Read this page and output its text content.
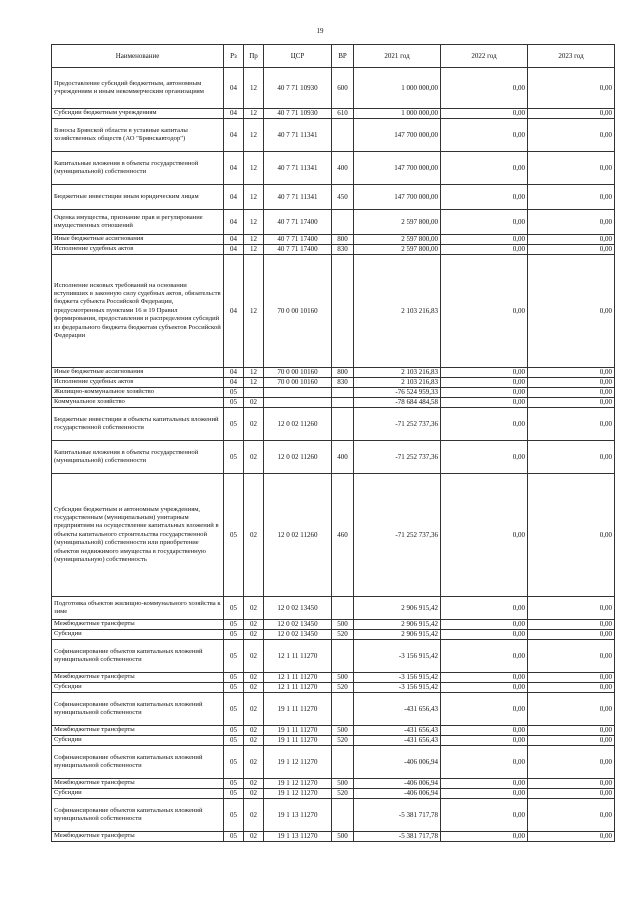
19
Наименование	Рз	Пр	ЦСР	ВР	2021 год	2022 год	2023 год
Предоставление субсидий бюджетным, автономным учреждениям и иным некоммерческим организациям	04	12	40 7 71 10930	600	1 000 000,00	0,00	0,00
Субсидии бюджетным учреждениям	04	12	40 7 71 10930	610	1 000 000,00	0,00	0,00
Взносы Брянской области в уставные капиталы хозяйственных обществ (АО "Брянскавтодор")	04	12	40 7 71 11341		147 700 000,00	0,00	0,00
Капитальные вложения в объекты государственной (муниципальной) собственности	04	12	40 7 71 11341	400	147 700 000,00	0,00	0,00
Бюджетные инвестиции иным юридическим лицам	04	12	40 7 71 11341	450	147 700 000,00	0,00	0,00
Оценка имущества, признание прав и регулирование имущественных отношений	04	12	40 7 71 17400		2 597 800,00	0,00	0,00
Иные бюджетные ассигнования	04	12	40 7 71 17400	800	2 597 800,00	0,00	0,00
Исполнение судебных актов	04	12	40 7 71 17400	830	2 597 800,00	0,00	0,00
Исполнение исковых требований на основании вступивших в законную силу судебных актов, обязательств бюджета субъекта Российской Федерации, предусмотренных пунктами 16 и 19 Правил формирования, предоставления и распределения субсидий из федерального бюджета бюджетам субъектов Российской Федерации	04	12	70 0 00 10160		2 103 216,83	0,00	0,00
Иные бюджетные ассигнования	04	12	70 0 00 10160	800	2 103 216,83	0,00	0,00
Исполнение судебных актов	04	12	70 0 00 10160	830	2 103 216,83	0,00	0,00
Жилищно-коммунальное хозяйство	05				-76 524 959,33	0,00	0,00
Коммунальное хозяйство	05	02			-78 684 484,58	0,00	0,00
Бюджетные инвестиции в объекты капитальных вложений государственной собственности	05	02	12 0 02 11260		-71 252 737,36	0,00	0,00
Капитальные вложения в объекты государственной (муниципальной) собственности	05	02	12 0 02 11260	400	-71 252 737,36	0,00	0,00
Субсидии бюджетным и автономным учреждениям, государственным (муниципальным) унитарным предприятиям на осуществление капитальных вложений в объекты капитального строительства государственной (муниципальной) собственности или приобретение объектов недвижимого имущества в государственную (муниципальную) собственность	05	02	12 0 02 11260	460	-71 252 737,36	0,00	0,00
Подготовка объектов жилищно-коммунального хозяйства к зиме	05	02	12 0 02 13450		2 906 915,42	0,00	0,00
Межбюджетные трансферты	05	02	12 0 02 13450	500	2 906 915,42	0,00	0,00
Субсидии	05	02	12 0 02 13450	520	2 906 915,42	0,00	0,00
Софинансирование объектов капитальных вложений муниципальной собственности	05	02	12 1 11 11270		-3 156 915,42	0,00	0,00
Межбюджетные трансферты	05	02	12 1 11 11270	500	-3 156 915,42	0,00	0,00
Субсидии	05	02	12 1 11 11270	520	-3 156 915,42	0,00	0,00
Софинансирование объектов капитальных вложений муниципальной собственности	05	02	19 1 11 11270		-431 656,43	0,00	0,00
Межбюджетные трансферты	05	02	19 1 11 11270	500	-431 656,43	0,00	0,00
Субсидии	05	02	19 1 11 11270	520	-431 656,43	0,00	0,00
Софинансирование объектов капитальных вложений муниципальной собственности	05	02	19 1 12 11270		-406 006,94	0,00	0,00
Межбюджетные трансферты	05	02	19 1 12 11270	500	-406 006,94	0,00	0,00
Субсидии	05	02	19 1 12 11270	520	-406 006,94	0,00	0,00
Софинансирование объектов капитальных вложений муниципальной собственности	05	02	19 1 13 11270		-5 381 717,78	0,00	0,00
Межбюджетные трансферты	05	02	19 1 13 11270	500	-5 381 717,78	0,00	0,00
